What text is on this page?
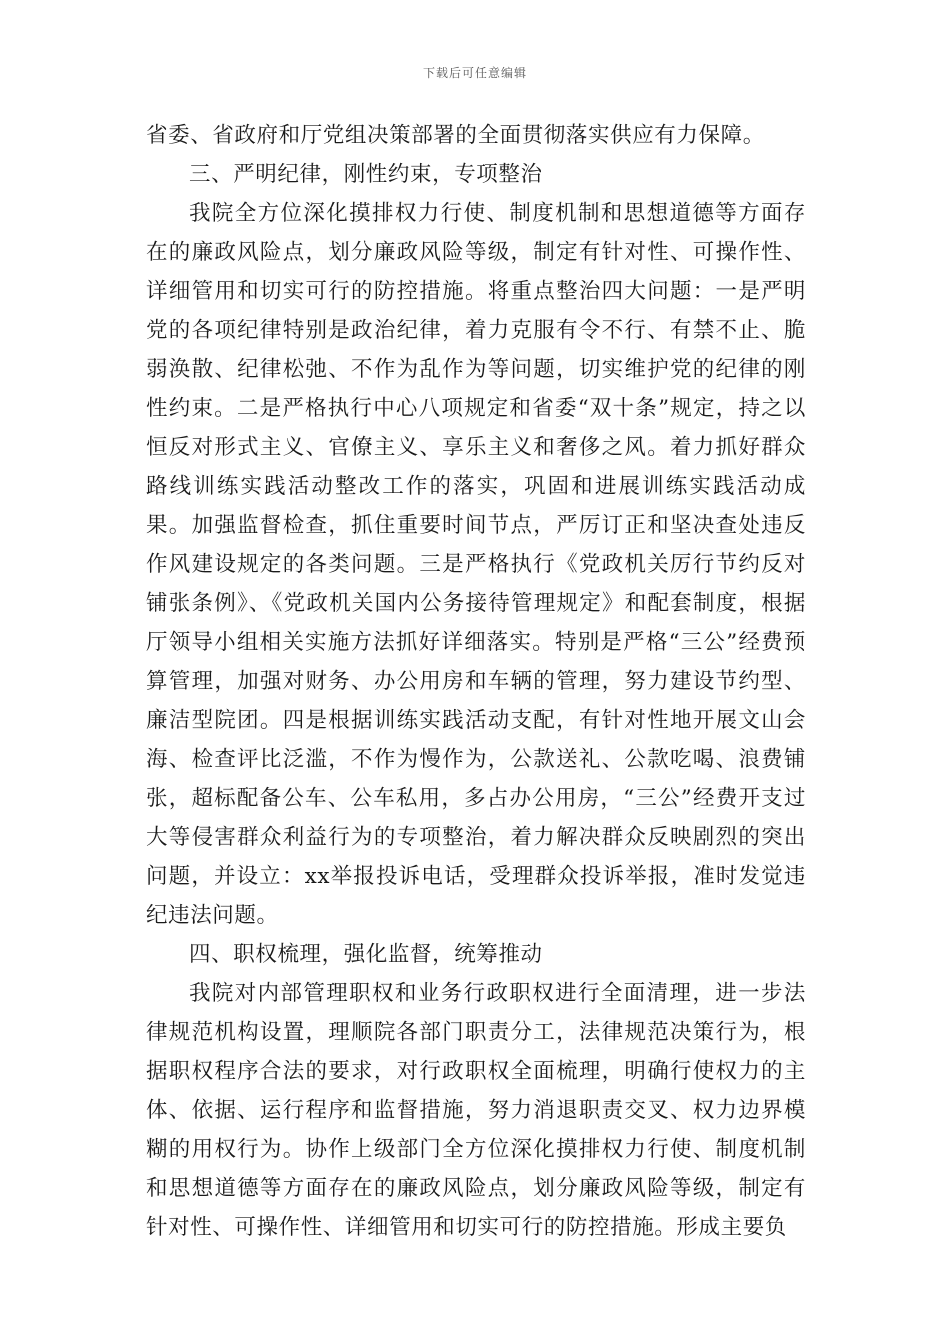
下载后可任意编辑

省委、省政府和厅党组决策部署的全面贯彻落实供应有力保障。

三、严明纪律，刚性约束，专项整治

我院全方位深化摸排权力行使、制度机制和思想道德等方面存在的廉政风险点，划分廉政风险等级，制定有针对性、可操作性、详细管用和切实可行的防控措施。将重点整治四大问题：一是严明党的各项纪律特别是政治纪律，着力克服有令不行、有禁不止、脆弱涣散、纪律松弛、不作为乱作为等问题，切实维护党的纪律的刚性约束。二是严格执行中心八项规定和省委“双十条”规定，持之以恒反对形式主义、官僚主义、享乐主义和奢侈之风。着力抓好群众路线训练实践活动整改工作的落实，巩固和进展训练实践活动成果。加强监督检查，抓住重要时间节点，严厉订正和坚决查处违反作风建设规定的各类问题。三是严格执行《党政机关厉行节约反对铺张条例》、《党政机关国内公务接待管理规定》和配套制度，根据厅领导小组相关实施方法抓好详细落实。特别是严格“三公”经费预算管理，加强对财务、办公用房和车辆的管理，努力建设节约型、廉洁型院团。四是根据训练实践活动支配，有针对性地开展文山会海、检查评比泛滥，不作为慢作为，公款送礼、公款吃喝、浪费铺张，超标配备公车、公车私用，多占办公用房，“三公”经费开支过大等侵害群众利益行为的专项整治，着力解决群众反映剧烈的突出问题，并设立：xx举报投诉电话，受理群众投诉举报，准时发觉违纪违法问题。

四、职权梳理，强化监督，统筹推动

我院对内部管理职权和业务行政职权进行全面清理，进一步法律规范机构设置，理顺院各部门职责分工，法律规范决策行为，根据职权程序合法的要求，对行政职权全面梳理，明确行使权力的主体、依据、运行程序和监督措施，努力消退职责交叉、权力边界模糊的用权行为。协作上级部门全方位深化摸排权力行使、制度机制和思想道德等方面存在的廉政风险点，划分廉政风险等级，制定有针对性、可操作性、详细管用和切实可行的防控措施。形成主要负
